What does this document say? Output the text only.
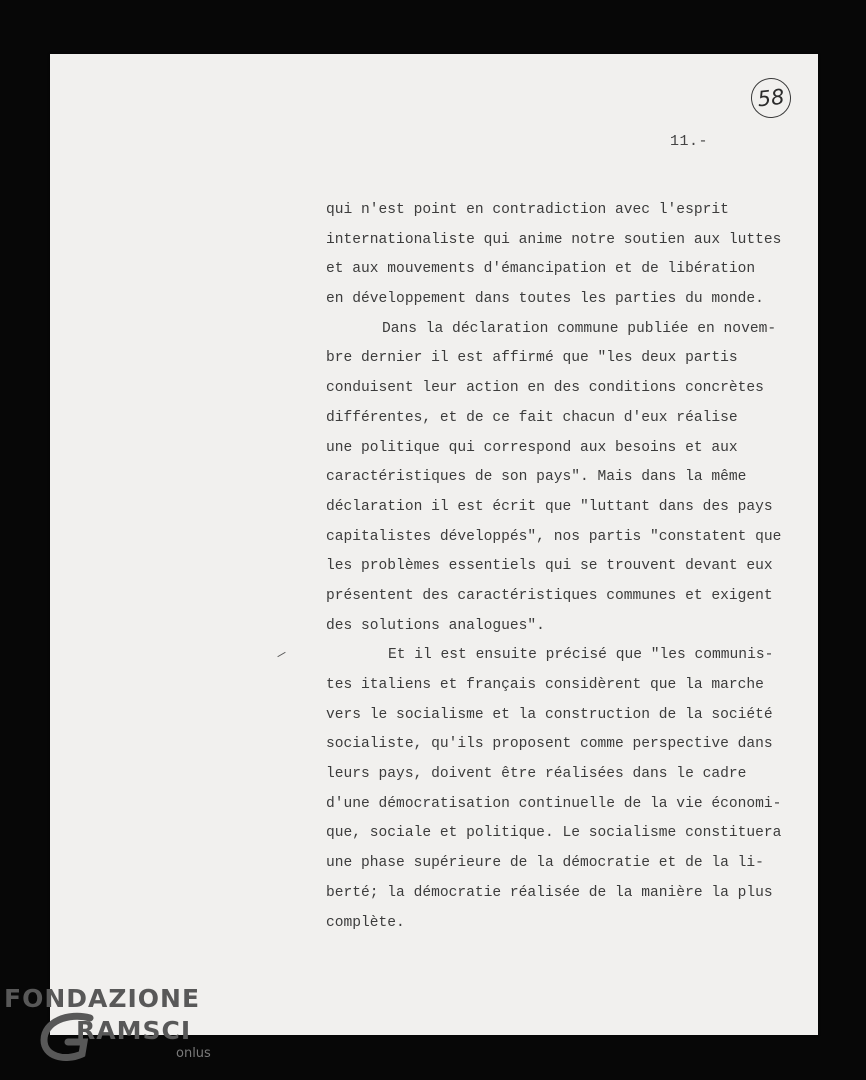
58
11.-
qui n'est point en contradiction avec l'esprit
internationaliste qui anime notre soutien aux luttes
et aux mouvements d'émancipation et de libération
en développement dans toutes les parties du monde.
Dans la déclaration commune publiée en novem-
bre dernier il est affirmé que "les deux partis
conduisent leur action en des conditions concrètes
différentes, et de ce fait chacun d'eux réalise
une politique qui correspond aux besoins et aux
caractéristiques de son pays". Mais dans la même
déclaration il est écrit que "luttant dans des pays
capitalistes développés", nos partis "constatent que
les problèmes essentiels qui se trouvent devant eux
présentent des caractéristiques communes et exigent
des solutions analogues".
Et il est ensuite précisé que "les communis-
tes italiens et français considèrent que la marche
vers le socialisme et la construction de la société
socialiste, qu'ils proposent comme perspective dans
leurs pays, doivent être réalisées dans le cadre
d'une démocratisation continuelle de la vie économi-
que, sociale et politique. Le socialisme constituera
une phase supérieure de la démocratie et de la li-
berté; la démocratie réalisée de la manière la plus
complète.
FONDAZIONE
RAMSCI
onlus
